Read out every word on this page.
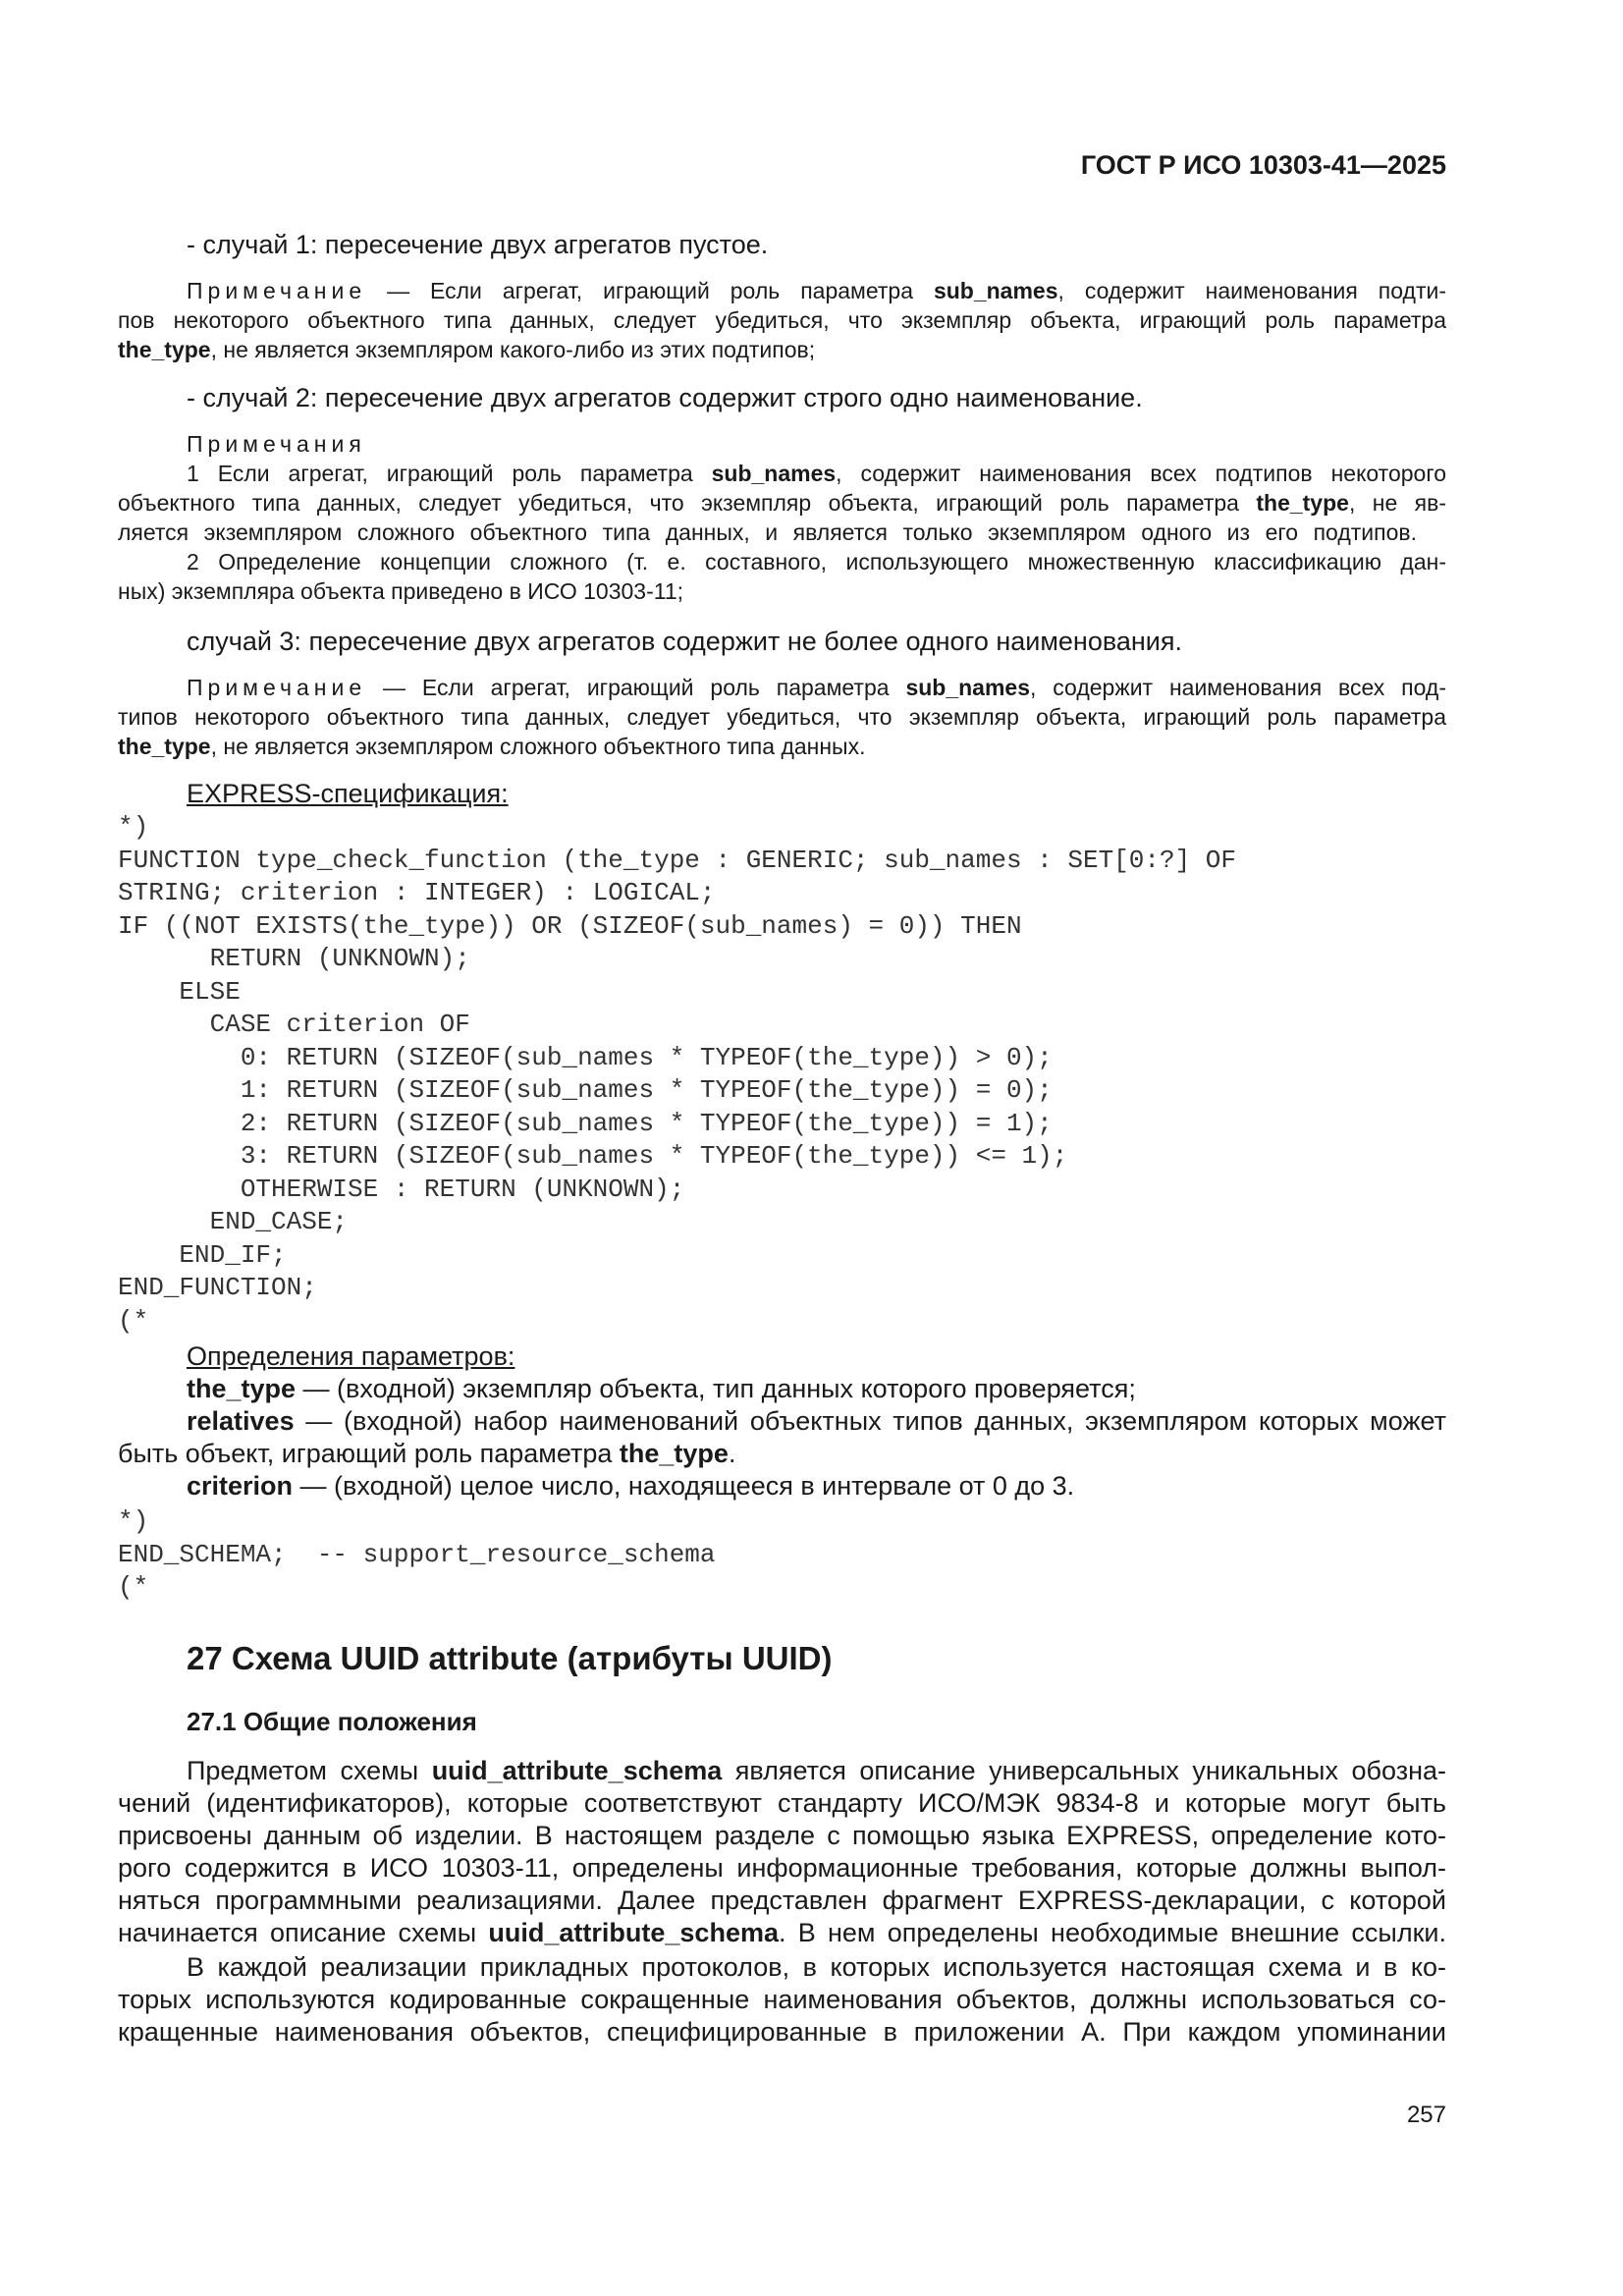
ГОСТ Р ИСО 10303-41—2025
- случай 1: пересечение двух агрегатов пустое.
Примечание — Если агрегат, играющий роль параметра sub_names, содержит наименования подти-
пов некоторого объектного типа данных, следует убедиться, что экземпляр объекта, играющий роль параметра
the_type, не является экземпляром какого-либо из этих подтипов;
- случай 2: пересечение двух агрегатов содержит строго одно наименование.
Примечания
1 Если агрегат, играющий роль параметра sub_names, содержит наименования всех подтипов некоторого
объектного типа данных, следует убедиться, что экземпляр объекта, играющий роль параметра the_type, не яв-
ляется экземпляром сложного объектного типа данных, и является только экземпляром одного из его подтипов.
2 Определение концепции сложного (т. е. составного, использующего множественную классификацию дан-
ных) экземпляра объекта приведено в ИСО 10303-11;
случай 3: пересечение двух агрегатов содержит не более одного наименования.
Примечание — Если агрегат, играющий роль параметра sub_names, содержит наименования всех под-
типов некоторого объектного типа данных, следует убедиться, что экземпляр объекта, играющий роль параметра
the_type, не является экземпляром сложного объектного типа данных.
EXPRESS-спецификация:
*)
FUNCTION type_check_function (the_type : GENERIC; sub_names : SET[0:?] OF
STRING; criterion : INTEGER) : LOGICAL;
IF ((NOT EXISTS(the_type)) OR (SIZEOF(sub_names) = 0)) THEN
RETURN (UNKNOWN);
ELSE
CASE criterion OF
0: RETURN (SIZEOF(sub_names * TYPEOF(the_type)) > 0);
1: RETURN (SIZEOF(sub_names * TYPEOF(the_type)) = 0);
2: RETURN (SIZEOF(sub_names * TYPEOF(the_type)) = 1);
3: RETURN (SIZEOF(sub_names * TYPEOF(the_type)) <= 1);
OTHERWISE : RETURN (UNKNOWN);
END_CASE;
END_IF;
END_FUNCTION;
(*
Определения параметров:
the_type — (входной) экземпляр объекта, тип данных которого проверяется;
relatives — (входной) набор наименований объектных типов данных, экземпляром которых может
быть объект, играющий роль параметра the_type.
criterion — (входной) целое число, находящееся в интервале от 0 до 3.
*)
END_SCHEMA;  -- support_resource_schema
(*
27 Схема UUID attribute (атрибуты UUID)
27.1 Общие положения
Предметом схемы uuid_attribute_schema является описание универсальных уникальных обозна-
чений (идентификаторов), которые соответствуют стандарту ИСО/МЭК 9834-8 и которые могут быть
присвоены данным об изделии. В настоящем разделе с помощью языка EXPRESS, определение кото-
рого содержится в ИСО 10303-11, определены информационные требования, которые должны выпол-
няться программными реализациями. Далее представлен фрагмент EXPRESS-декларации, с которой
начинается описание схемы uuid_attribute_schema. В нем определены необходимые внешние ссылки.
В каждой реализации прикладных протоколов, в которых используется настоящая схема и в ко-
торых используются кодированные сокращенные наименования объектов, должны использоваться со-
кращенные наименования объектов, специфицированные в приложении А. При каждом упоминании
257
